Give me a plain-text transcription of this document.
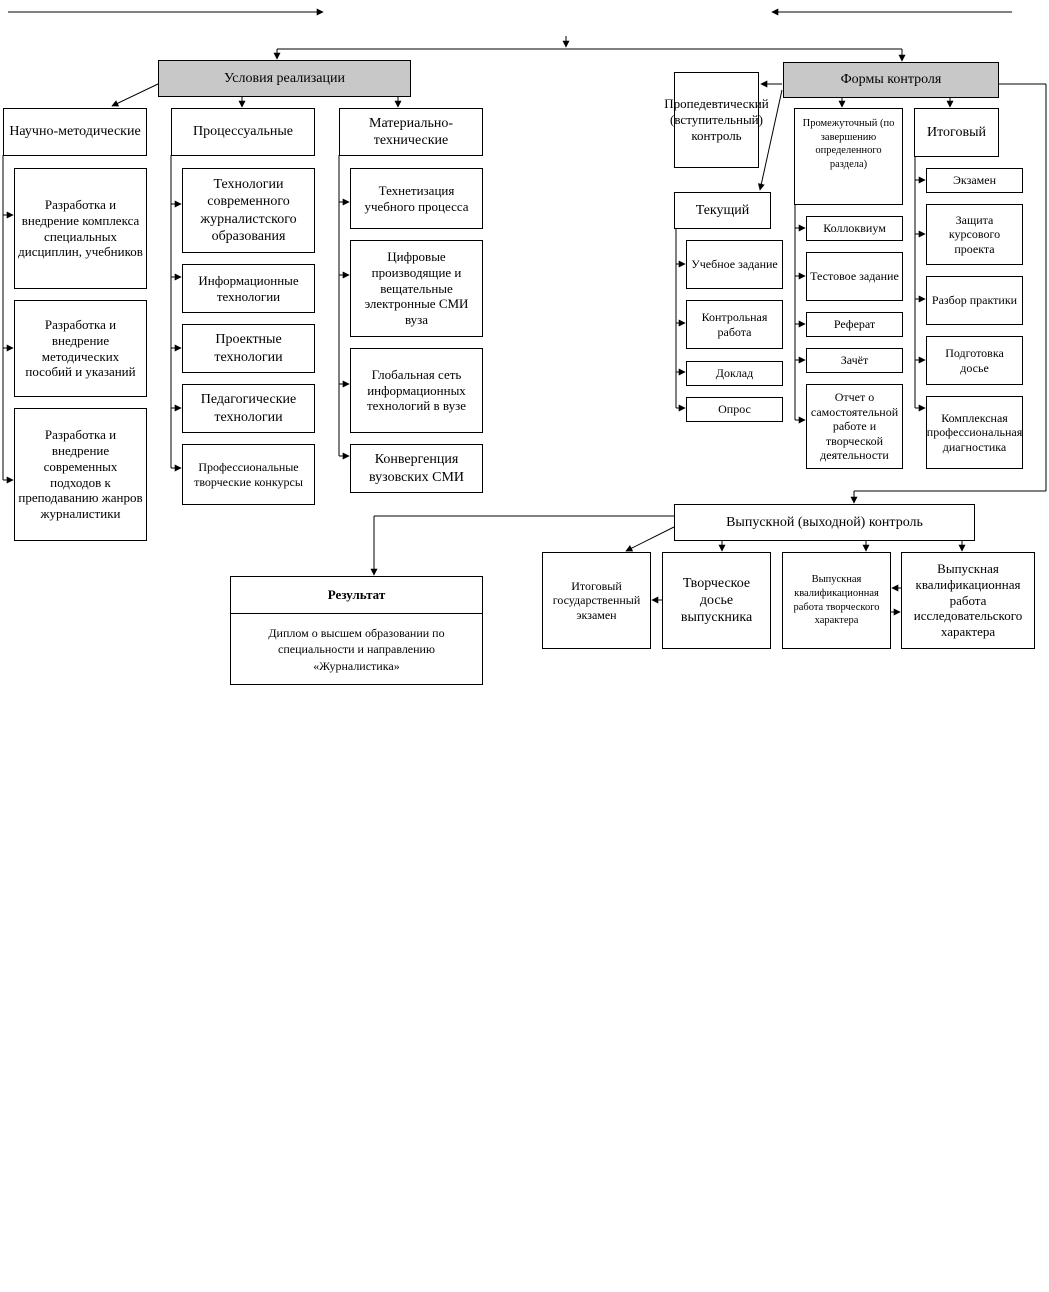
Условия реализации
Научно-методические	Процессуальные
Материально-технические
Разработка и внедрение комплекса специальных дисциплин, учебников
Разработка и внедрение методических пособий и указаний
Разработка и внедрение современных подходов к преподаванию жанров журналистики
Технологии современного журналистского образования
Информационные технологии
Проектные технологии
Педагогические технологии
Профессиональные творческие конкурсы
Технетизация учебного процесса
Цифровые производящие и вещательные электронные СМИ вуза
Глобальная сеть информационных технологий в вузе
Конвергенция вузовских СМИ
Формы контроля
Пропедевтический (вступительный) контроль
Текущий
Учебное задание
Контрольная работа
Доклад
Опрос
Промежуточный (по завершению определенного раздела)
Коллоквиум
Тестовое задание
Реферат
Зачёт
Отчет о самостоятельной работе и творческой деятельности
Итоговый
Экзамен
Защита курсового проекта
Разбор практики
Подготовка досье
Комплексная профессиональная диагностика
Выпускной (выходной) контроль
Итоговый государственный экзамен
Творческое досье выпускника
Выпускная квалификационная работа творческого характера
Выпускная квалификационная работа исследовательского характера
Результат
Диплом о высшем образовании по специальности и направлению «Журналистика»
